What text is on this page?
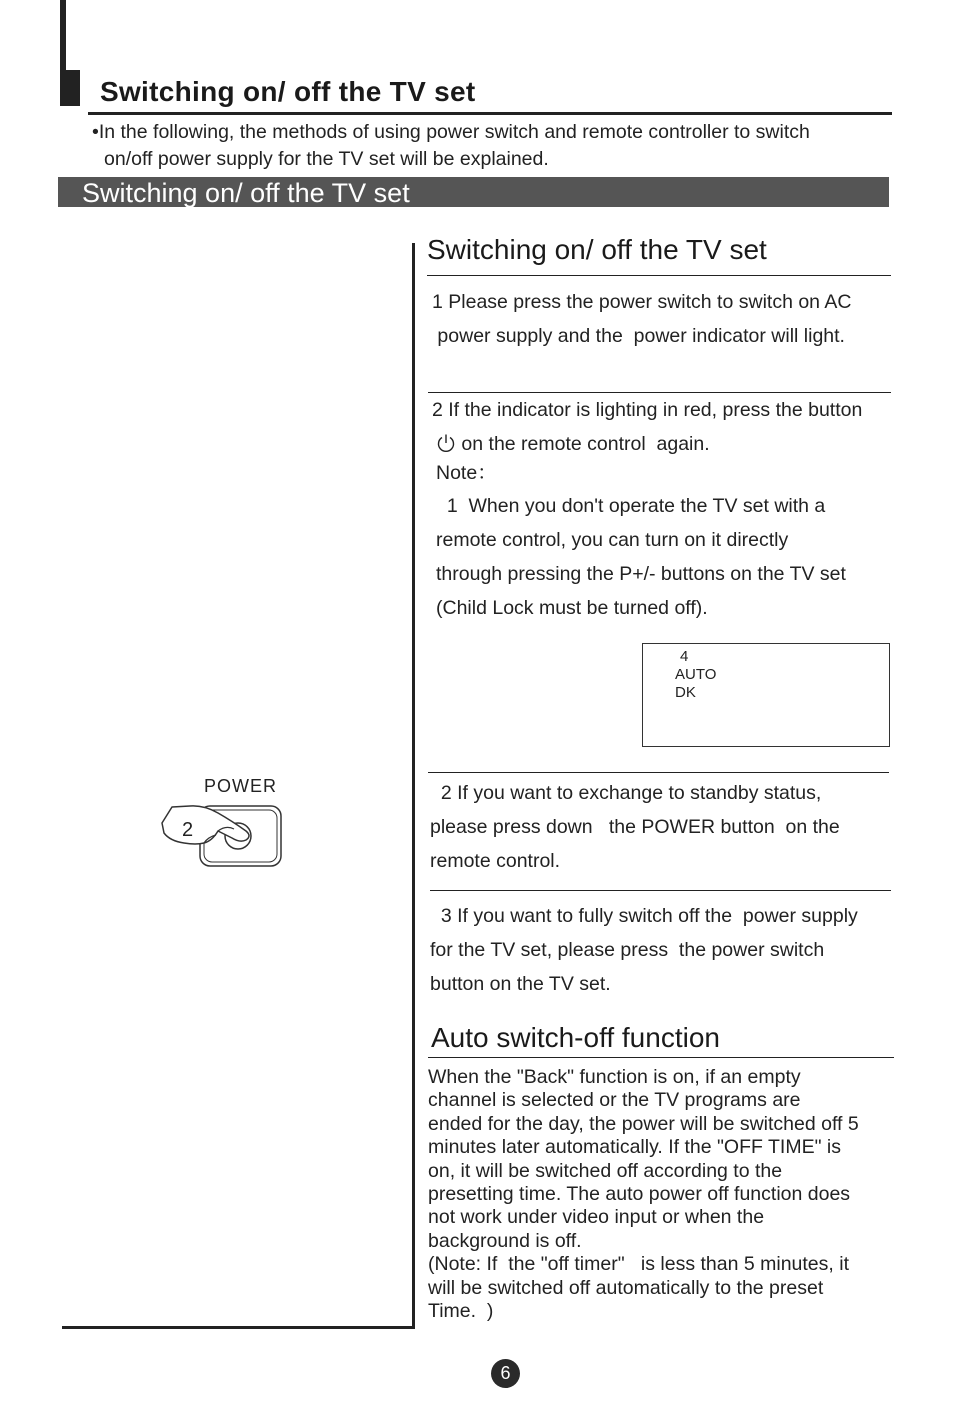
Switching on/ off the TV set
•In the following, the methods of using power switch and remote controller to switch
on/off power supply for the TV set will be explained.
Switching on/ off the TV set
POWER
2
Switching on/ off the TV set
1 Please press the power switch to switch on AC
power supply and the  power indicator will light.
2 If the indicator is lighting in red, press the button
on the remote control  again.
Note：
1  When you don't operate the TV set with a
remote control, you can turn on it directly
through pressing the P+/- buttons on the TV set
(Child Lock must be turned off).
4
AUTO
DK
2 If you want to exchange to standby status,
please press down   the POWER button  on the
remote control.
3 If you want to fully switch off the  power supply
for the TV set, please press  the power switch
button on the TV set.
Auto switch-off function
When the "Back" function is on, if an empty
channel is selected or the TV programs are
ended for the day, the power will be switched off 5
minutes later automatically. If the "OFF TIME" is
on, it will be switched off according to the
presetting time. The auto power off function does
not work under video input or when the
background is off.
(Note: If  the "off timer"   is less than 5 minutes, it
will be switched off automatically to the preset
Time.  )
6
